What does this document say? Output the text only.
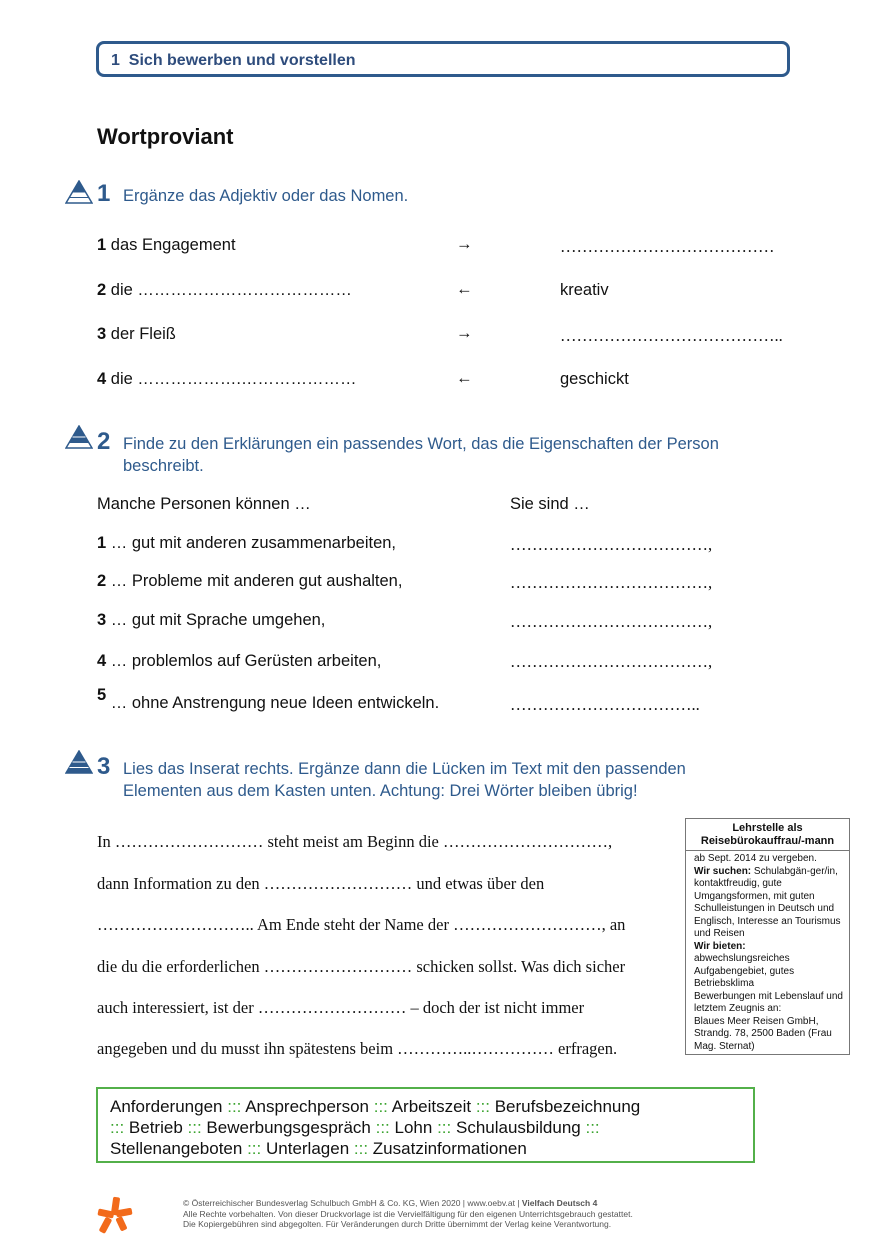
1 Sich bewerben und vorstellen
Wortproviant
1 Ergänze das Adjektiv oder das Nomen.
1 das Engagement	→	…………………………………
2 die …………………………………	←	kreativ
3 der Fleiß	→	…………………………………..
4 die ……………….…………………	←	geschickt
2 Finde zu den Erklärungen ein passendes Wort, das die Eigenschaften der Person
beschreibt.
Manche Personen können …	Sie sind …
1 … gut mit anderen zusammenarbeiten,	………………………………,
2 … Probleme mit anderen gut aushalten,	………………………………,
3 … gut mit Sprache umgehen,	………………………………,
4 … problemlos auf Gerüsten arbeiten,	………………………………,
5 … ohne Anstrengung neue Ideen entwickeln.	……………………………..
3 Lies das Inserat rechts. Ergänze dann die Lücken im Text mit den passenden
Elementen aus dem Kasten unten. Achtung: Drei Wörter bleiben übrig!
In ……………………… steht meist am Beginn die …………………………,
dann Information zu den ……………………… und etwas über den
……………………….. Am Ende steht der Name der ………………………, an
die du die erforderlichen ……………………… schicken sollst. Was dich sicher
auch interessiert, ist der ……………………… – doch der ist nicht immer
angegeben und du musst ihn spätestens beim …………..…………… erfragen.
Lehrstelle als
Reisebürokauffrau/-mann
ab Sept. 2014 zu vergeben.
Wir suchen: Schulabgän-ger/in, kontaktfreudig, gute Umgangsformen, mit guten Schulleistungen in Deutsch und Englisch, Interesse an Tourismus und Reisen
Wir bieten:
abwechslungsreiches Aufgabengebiet, gutes Betriebsklima
Bewerbungen mit Lebenslauf und letztem Zeugnis an:
Blaues Meer Reisen GmbH, Strandg. 78, 2500 Baden (Frau Mag. Sternat)
Anforderungen ::: Ansprechperson ::: Arbeitszeit ::: Berufsbezeichnung
::: Betrieb ::: Bewerbungsgespräch ::: Lohn ::: Schulausbildung :::
Stellenangeboten ::: Unterlagen ::: Zusatzinformationen
© Österreichischer Bundesverlag Schulbuch GmbH & Co. KG, Wien 2020 | www.oebv.at | Vielfach Deutsch 4
Alle Rechte vorbehalten. Von dieser Druckvorlage ist die Vervielfältigung für den eigenen Unterrichtsgebrauch gestattet.
Die Kopiergebühren sind abgegolten. Für Veränderungen durch Dritte übernimmt der Verlag keine Verantwortung.
